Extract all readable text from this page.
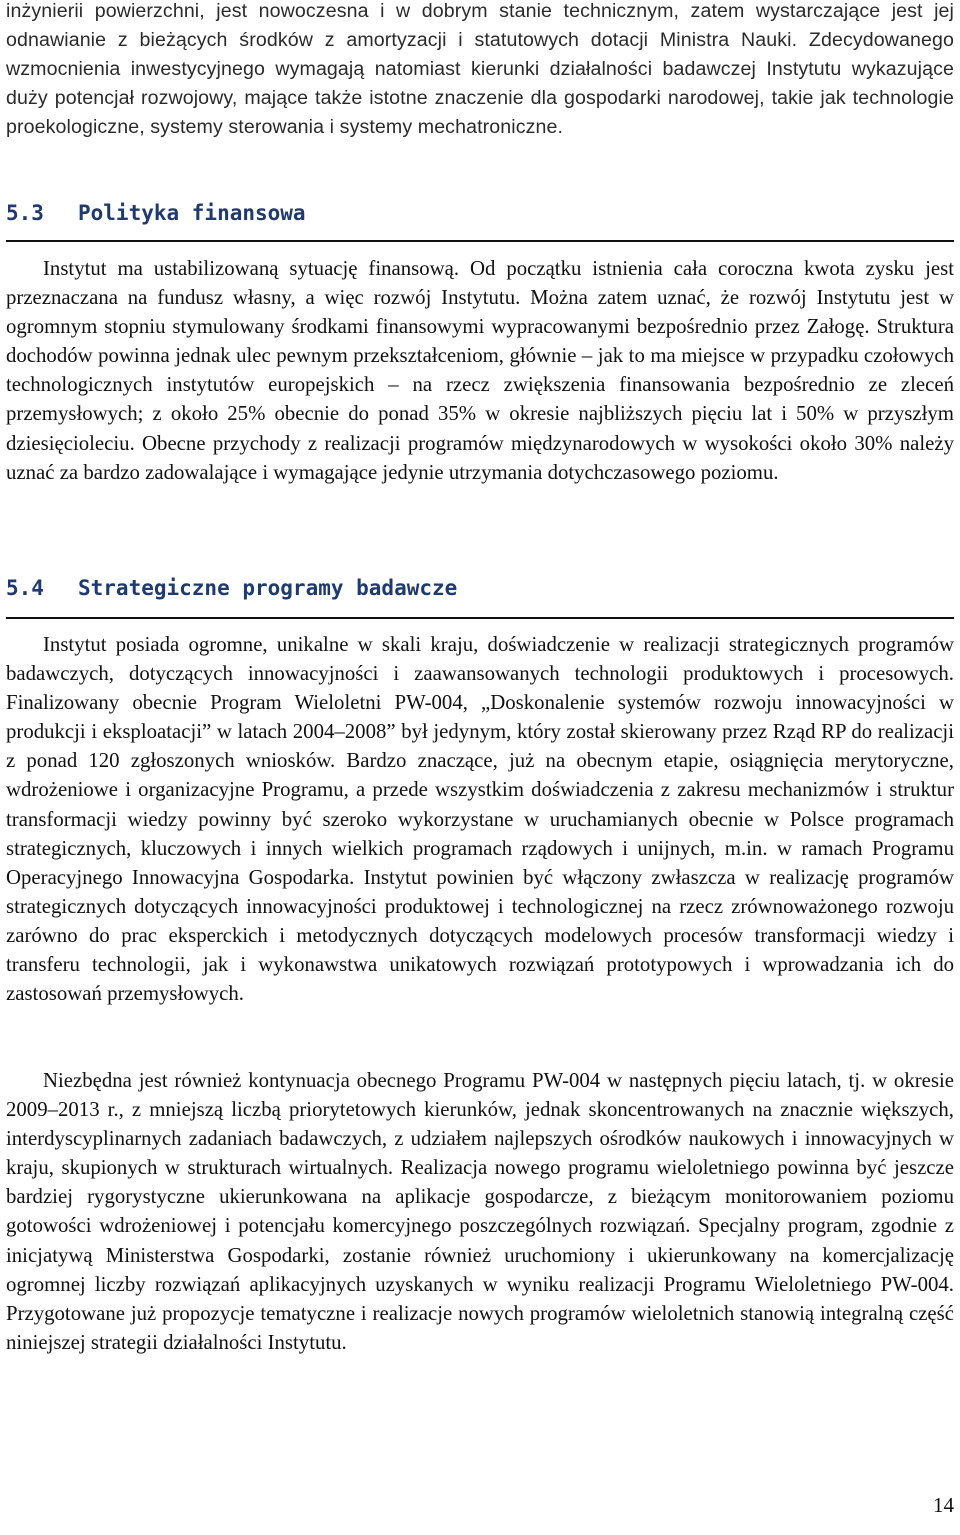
inżynierii powierzchni, jest nowoczesna i w dobrym stanie technicznym, zatem wystarczające jest jej odnawianie z bieżących środków z amortyzacji i statutowych dotacji Ministra Nauki. Zdecydowanego wzmocnienia inwestycyjnego wymagają natomiast kierunki działalności badawczej Instytutu wykazujące duży potencjał rozwojowy, mające także istotne znaczenie dla gospodarki narodowej, takie jak technologie proekologiczne, systemy sterowania i systemy mechatroniczne.

5.3 Polityka finansowa

Instytut ma ustabilizowaną sytuację finansową. Od początku istnienia cała coroczna kwota zysku jest przeznaczana na fundusz własny, a więc rozwój Instytutu. Można zatem uznać, że rozwój Instytutu jest w ogromnym stopniu stymulowany środkami finansowymi wypracowanymi bezpośrednio przez Załogę. Struktura dochodów powinna jednak ulec pewnym przekształceniom, głównie – jak to ma miejsce w przypadku czołowych technologicznych instytutów europejskich – na rzecz zwiększenia finansowania bezpośrednio ze zleceń przemysłowych; z około 25% obecnie do ponad 35% w okresie najbliższych pięciu lat i 50% w przyszłym dziesięcioleciu. Obecne przychody z realizacji programów międzynarodowych w wysokości około 30% należy uznać za bardzo zadowalające i wymagające jedynie utrzymania dotychczasowego poziomu.

5.4 Strategiczne programy badawcze

Instytut posiada ogromne, unikalne w skali kraju, doświadczenie w realizacji strategicznych programów badawczych, dotyczących innowacyjności i zaawansowanych technologii produktowych i procesowych. Finalizowany obecnie Program Wieloletni PW-004, „Doskonalenie systemów rozwoju innowacyjności w produkcji i eksploatacji” w latach 2004–2008” był jedynym, który został skierowany przez Rząd RP do realizacji z ponad 120 zgłoszonych wniosków. Bardzo znaczące, już na obecnym etapie, osiągnięcia merytoryczne, wdrożeniowe i organizacyjne Programu, a przede wszystkim doświadczenia z zakresu mechanizmów i struktur transformacji wiedzy powinny być szeroko wykorzystane w uruchamianych obecnie w Polsce programach strategicznych, kluczowych i innych wielkich programach rządowych i unijnych, m.in. w ramach Programu Operacyjnego Innowacyjna Gospodarka. Instytut powinien być włączony zwłaszcza w realizację programów strategicznych dotyczących innowacyjności produktowej i technologicznej na rzecz zrównoważonego rozwoju zarówno do prac eksperckich i metodycznych dotyczących modelowych procesów transformacji wiedzy i transferu technologii, jak i wykonawstwa unikatowych rozwiązań prototypowych i wprowadzania ich do zastosowań przemysłowych.

Niezbędna jest również kontynuacja obecnego Programu PW-004 w następnych pięciu latach, tj. w okresie 2009–2013 r., z mniejszą liczbą priorytetowych kierunków, jednak skoncentrowanych na znacznie większych, interdyscyplinarnych zadaniach badawczych, z udziałem najlepszych ośrodków naukowych i innowacyjnych w kraju, skupionych w strukturach wirtualnych. Realizacja nowego programu wieloletniego powinna być jeszcze bardziej rygorystyczne ukierunkowana na aplikacje gospodarcze, z bieżącym monitorowaniem poziomu gotowości wdrożeniowej i potencjału komercyjnego poszczególnych rozwiązań. Specjalny program, zgodnie z inicjatywą Ministerstwa Gospodarki, zostanie również uruchomiony i ukierunkowany na komercjalizację ogromnej liczby rozwiązań aplikacyjnych uzyskanych w wyniku realizacji Programu Wieloletniego PW-004. Przygotowane już propozycje tematyczne i realizacje nowych programów wieloletnich stanowią integralną część niniejszej strategii działalności Instytutu.

14
